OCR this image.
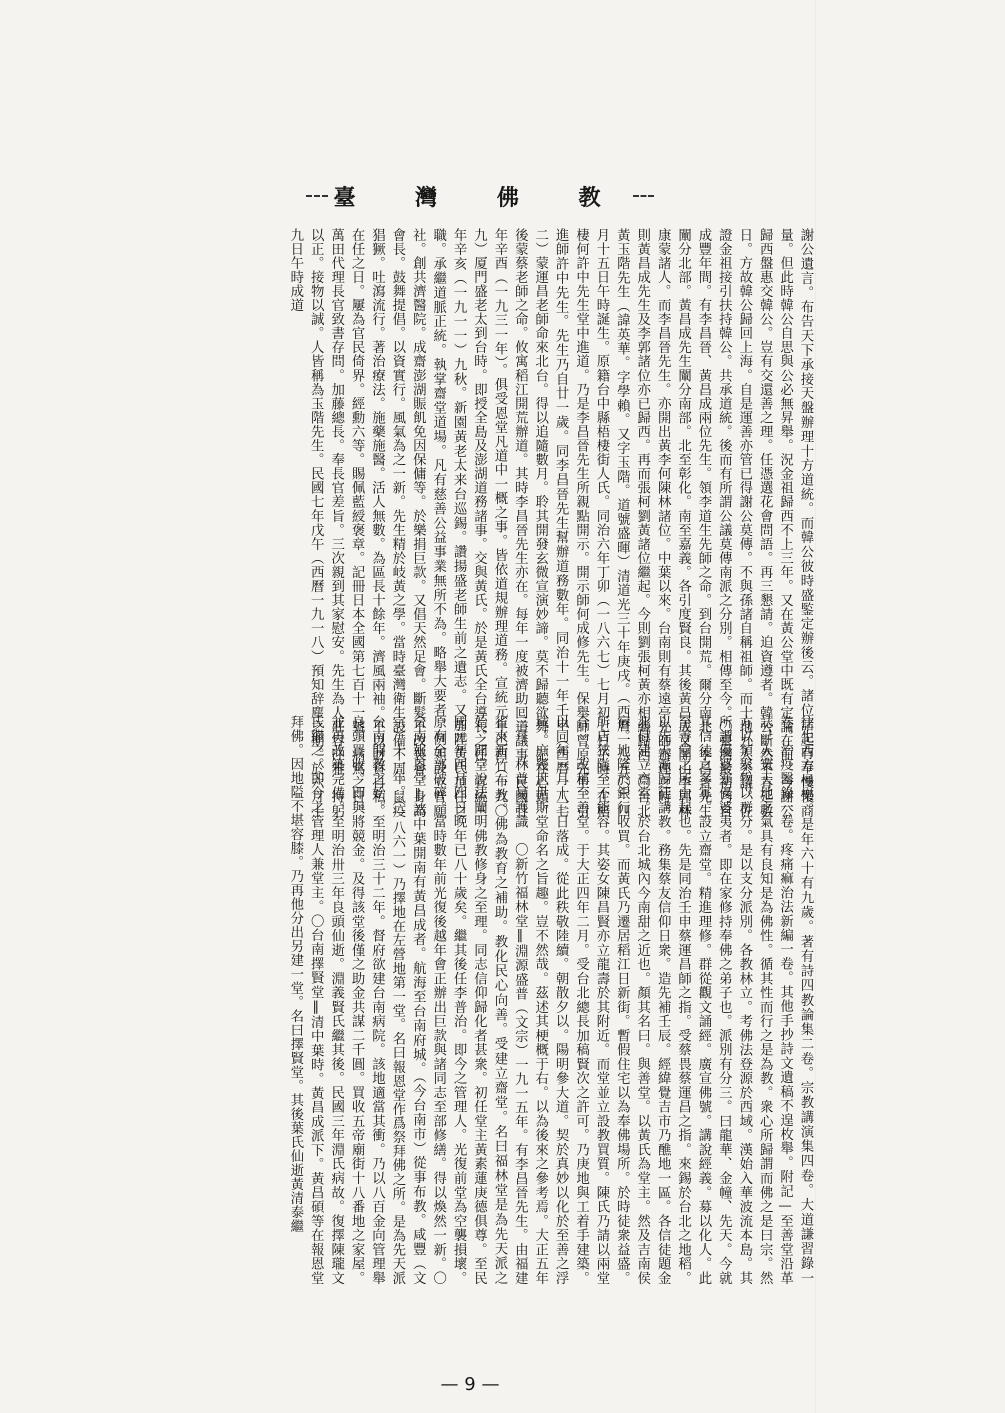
臺 灣 佛 教
謝公遺言。布告天下承接天盤辦理十方道統。而韓公彼時盛鍳定辦後云。諸位諸起有奉慢慢商量。但此時韓公自思與公必無昇舉。況金祖歸西不上三年。又在黃公堂中既有定論在前。今謝公歸西盤惠交韓公。豈有交還善之理。任憑選花會問語。再三懇請。迫資遵者。韓公斷然不肯延數日。方故韓公歸回上海。自是運善亦管已得謝公莫傳。不與孫諸自稱祖師。而十地九人公議。佐證金祖接引扶持韓公。共承道統。後而有所謂公議莫傳南派之分別。相傳至今。〇臺灣最初乃自成豐年間。有李昌晉、黃昌成兩位先生。領李道生先師之命。到台開荒。爾分南北。李昌晉先生闡分北部。黃昌成先生闡分南部。北至彰化。南至嘉義。各引度賢良。其後黃昌成又開山李郭林康蒙諸人。而李昌晉先生。亦開出黃李何陳林諸位。中葉以來。台南則有蔡遠亭先師辦理之時。則黃昌成先生及李郭諸位亦已歸西。再而張柯劉黃諸位繼起。今則劉張柯黃亦相繼歸西。〇台北黃玉階先生（諱英華。字學賴。又字玉階。道號盛暉）清道光三十年庚戌。（西曆一八五〇）四月十五日午時誕生。原籍台中縣梧棲街人氏。同治六年丁卯（一八六七）七月初七日子時。在梧棲何許中先生堂中進道。乃是李昌晉先生所親點開示。開示師何成修先生。保舉師曾原先生。引進師許中先生。先生乃自廿一歲。同李昌晉先生幫辦道務數年。同治十一年壬申（西曆一八七二）蒙運昌老師命來北台。得以追隨數月。聆其開發玄微宣演妙諦。莫不歸聽欲舞。記在心頭。後蒙蔡老師之命。攸寓稻江開荒辦道。其時李昌晉先生亦在。每年一度被濟助囘道議事。民國廿年辛酉（一九三一年）。俱受恩堂凡道中一概之事。皆依道規辦理道務。宣統元年己酉（一九〇九）厦門盛老太到台時。即授全島及澎湖道務諸事。交與黃氏。於是黃氏全台導長之任。宣統三年辛亥（一九一一）九秋。新園黃老太来台巡錫。讚揚盛老師生前之遺志。又加陞黃氏頂任之職。承繼道脈正統。執掌齋堂道場。凡有慈善公益事業無所不為。略舉大要者。例如設立普願社。創共濟醫院。成齋澎湖賑飢免因保傭等。於樂捐巨款。又倡天然足會。斷髮不改裝會。身為會長。鼓舞提倡。以資實行。風氣為之一新。先生精於岐黃之學。當時臺灣衛生設備不周。鼠疫猖獗。吐瀉流行。著治療法。施藥施醫。活人無數。為區長十餘年。濟風兩袖。不以財貨自私。在任之日。屢為官民倚界。經勳六等。賜佩藍綬褒章。記冊日本全國第七百十一號。病篤之日。萬田代理長官致書存問。加藤總長。奉長官差旨。三次親到其家慰安。先生為人莊容冲雅。持躬以正。接物以誠。人皆稱為玉階先生。民國七年戊午（西曆一九一八）預知辞塵之期。於六月十九日午時成道
往生西方極樂。是年六十有九歲。著有詩四教論集二卷。宗教講演集四卷。大道謙習錄一卷。治疫醫錄一卷。疼痛痲治法新編一卷。其他手抄詩文遺稿不遑枚舉。附記—至善堂沿革誌！入寰天地之氣具有良知是為佛性。循其性而行之是為教。衆心所歸謂而佛之是曰宗。然方以類聚物以群分。是以支分派別。各教林立。考佛法登源於西域。漢始入華波流本島。其所謂優婆塞優婆夷者。即在家修持奉佛之弟子也。派別有分三。曰龍華、金幢、先天。今就其信徒之多寡。設立齋堂。精進理修。群從觀文誦經。廣宣佛號。講說經義。募以化人。此至善堂之所由起也。先是同治壬申蔡運昌師之指。受蔡畏蔡運昌之指。來錫於台北之地稻。以先天派歸徒講教。務集蔡友信仰日衆。造先補壬辰。經緯覺吉市乃醮地一區。各信徒題金北付建立齋堂。於台北城內今南甜之近也。顏其名曰。與善堂。以黃氏為堂主。然及吉南侯宿。地隆於銀行收買。而黃氏乃遷居稻江日新街。暫假住宅以為奉佛場所。於時徒衆益盛。所店狹隘至不能容。其姿女陳昌賢亦立龍壽於其附近。而堂並立設教買質。陳氏乃請以兩堂合一。改稱至善堂。于大正四年二月。受台北總長加稿賢次之許可。乃庚地與工着手建築。以同年三月十三日落成。從此秩敬陸續。朝散夕以。陽明參大道。契於真妙以化於至善之浮域。庶幾世世斯堂命名之旨趣。豈不然哉。茲述其梗概于右。以為後來之參考焉。大正五年三月　林普易護識　〇新竹福林堂‖淵源盛普（文宗）一九一五年。有李昌晉先生。由福建省來新竹布教。佛為教育之補助。教化民心向善。受建立齋堂。名曰福林堂是為先天派之始。開堂說法闡明佛教修身之至理。同志信仰歸化者甚衆。初任堂主黃素蓮庚德俱尊。至民國元年四月四日晚年已八十歲矣。繼其後任李普治。即今之管理人。光復前堂為空襲損壞。原有全部破碎。當時數年前光復後越年會正辦出巨款與諸同志至部修繕。得以煥然一新。〇台南報恩堂‖諸中葉開南有黃昌成者。航海至台南府城。（今台南市）從事布教。咸豐（文宗）十一年。（一八六一）乃擇地在左營地第一堂。名曰報恩堂作爲祭拜佛之所。是為先天派台南開教之始。至明治三十二年。督府欲建台南病院。該地適當其衝。乃以八百金向管理舉良頭買收。即與將競金。及得該堂後僅之助金共謀二千圓。買收五帝廟街十八番地之家屋。並再改築完備。至明治卅三年良頭仙逝。淵義賢氏繼其後。民國三年淵氏病故。復擇陳瓏文氏繼之。即今之管理人兼堂主。〇台南擇賢堂‖清中葉時。黃昌成派下。黃昌碩等在報恩堂拜佛。因地隘不堪容膝。乃再他分出另建一堂。名曰擇賢堂。其後葉氏仙逝黃清泰繼
— 9 —
